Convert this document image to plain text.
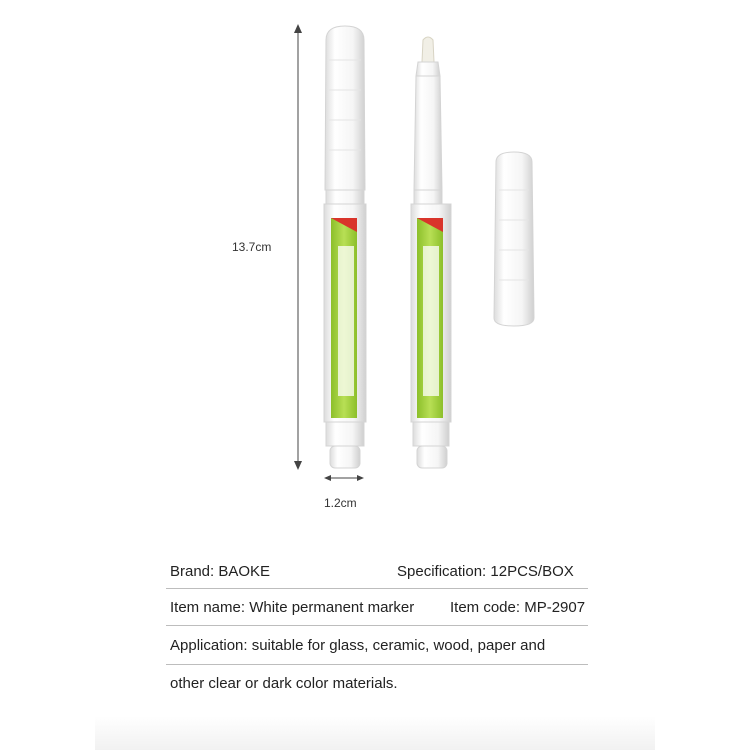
13.7cm
1.2cm
Brand: BAOKE	Specification: 12PCS/BOX
Item name: White permanent marker Item code: MP-2907
Application: suitable for glass, ceramic, wood, paper and
other clear or dark color materials.
